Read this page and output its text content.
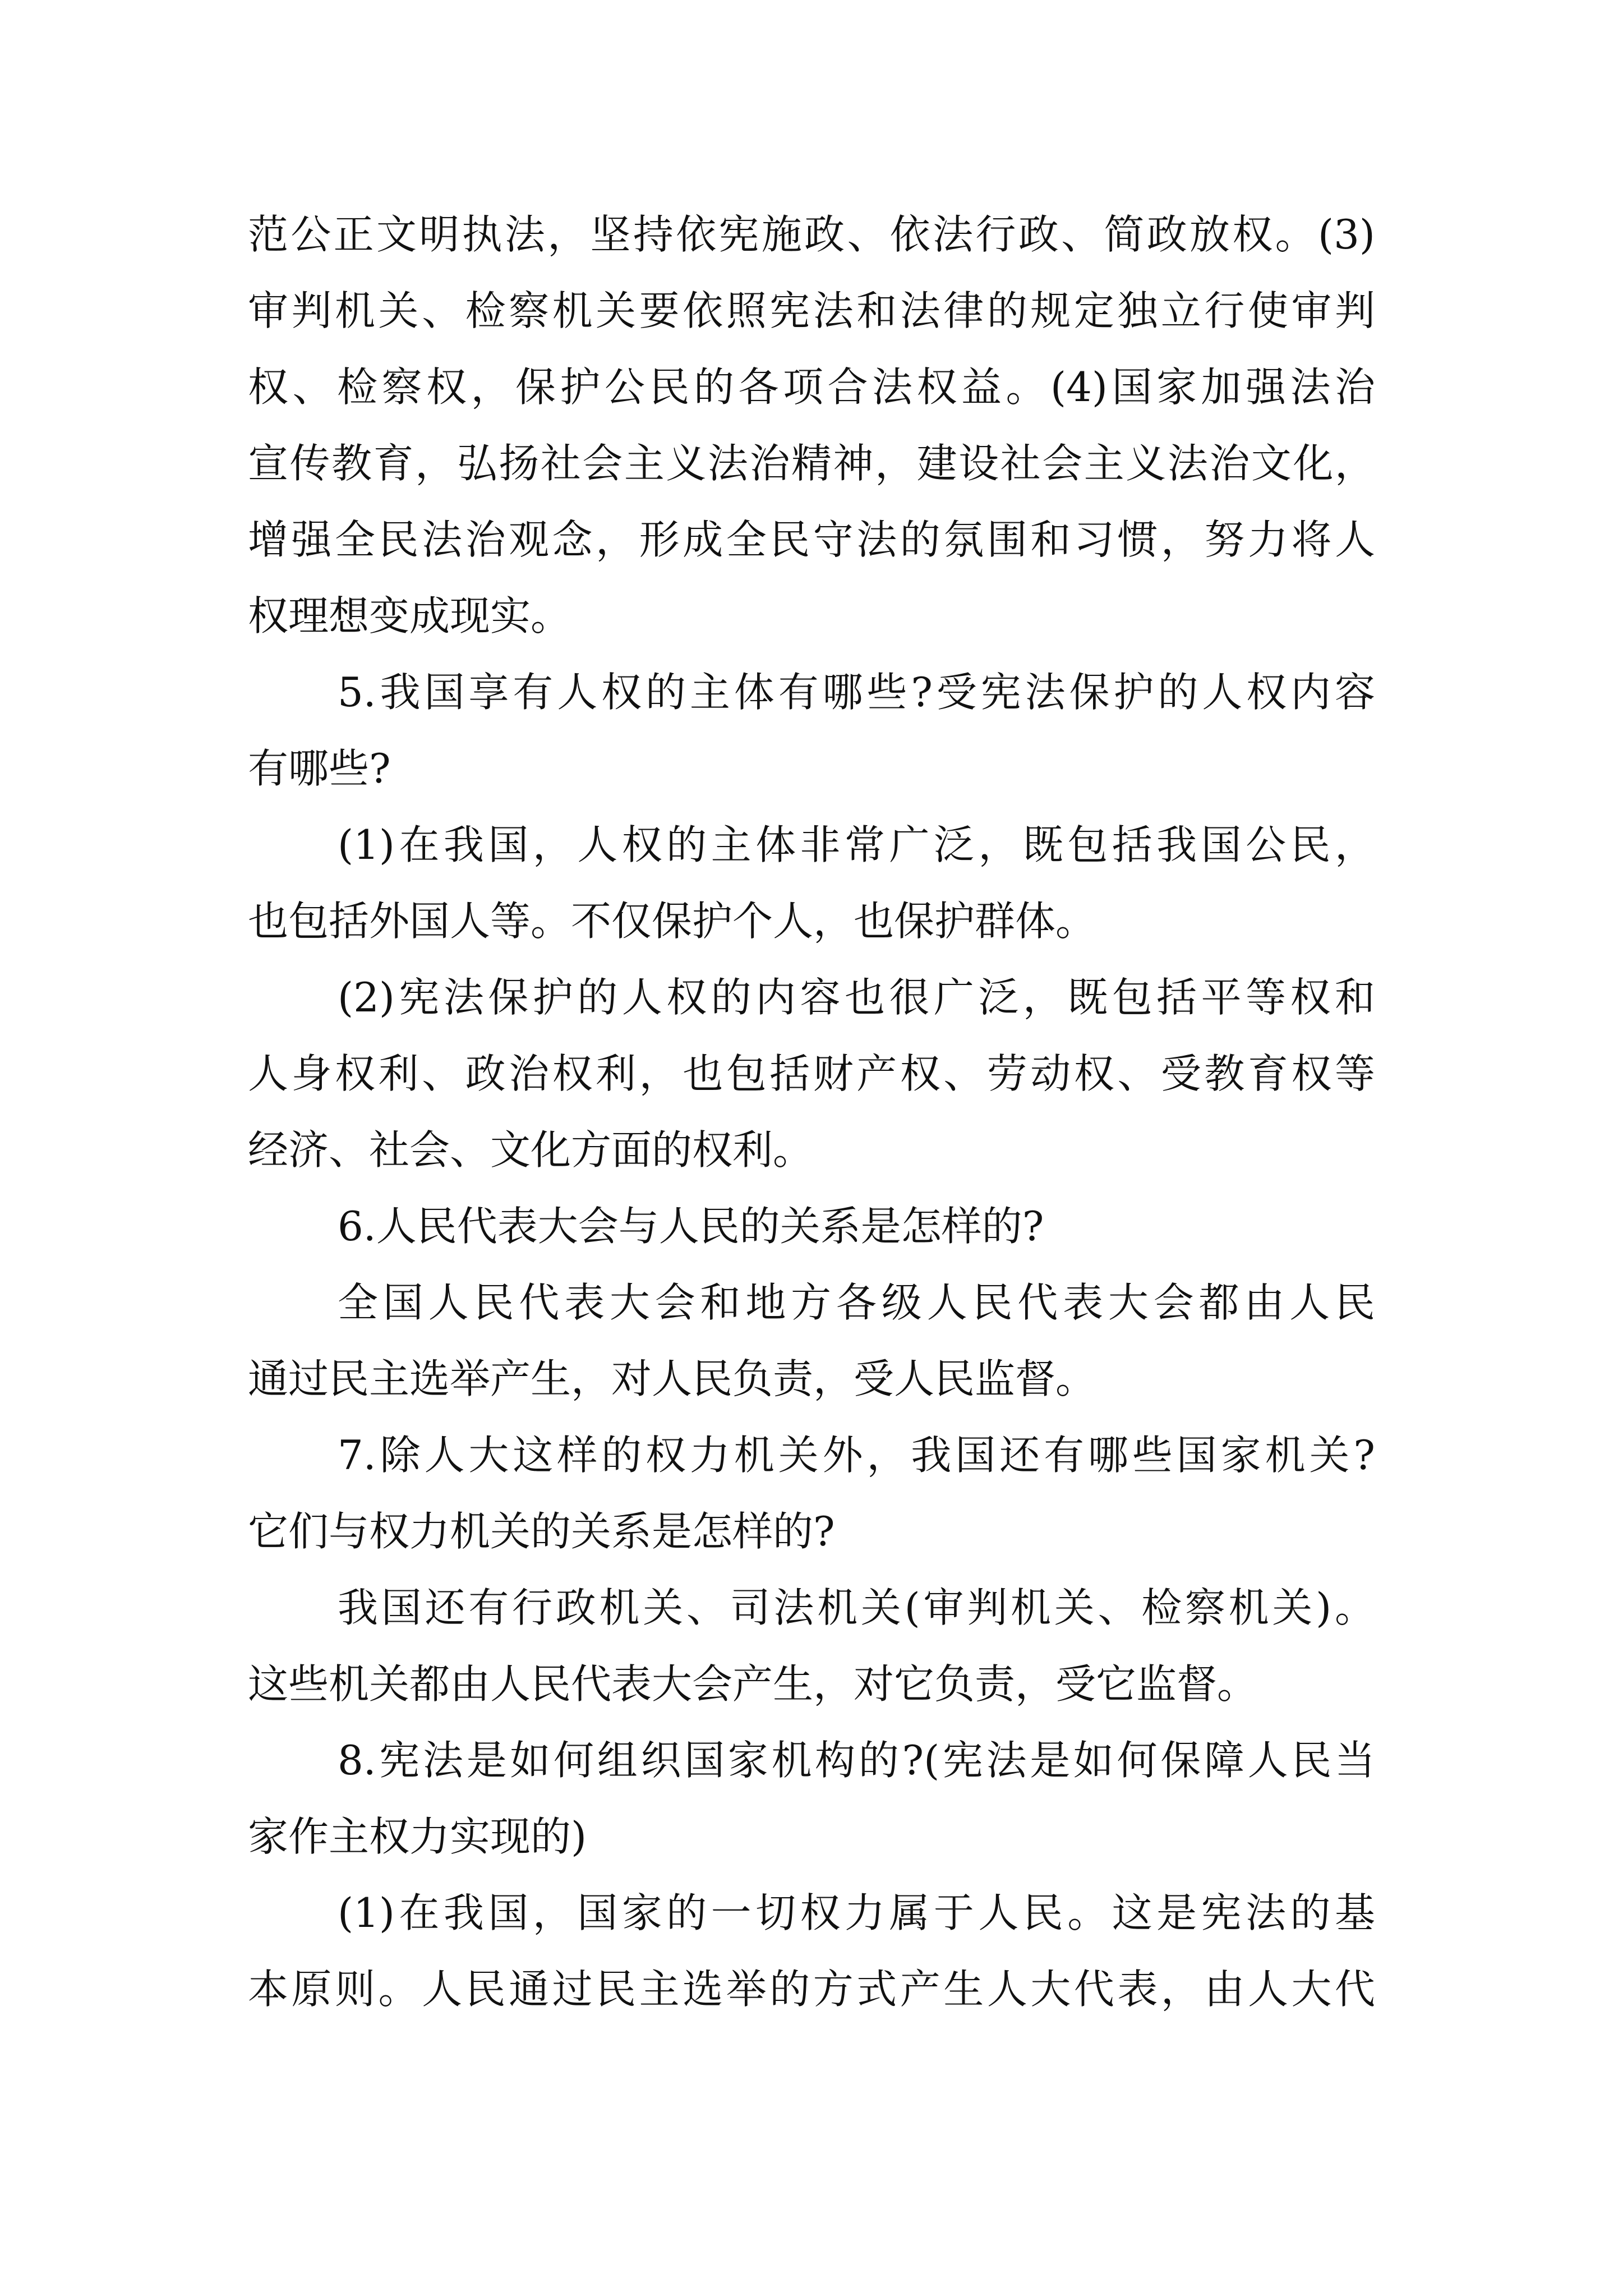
范公正文明执法，坚持依宪施政、依法行政、简政放权。(3)
审判机关、检察机关要依照宪法和法律的规定独立行使审判
权、检察权，保护公民的各项合法权益。(4)国家加强法治
宣传教育，弘扬社会主义法治精神，建设社会主义法治文化，
增强全民法治观念，形成全民守法的氛围和习惯，努力将人
权理想变成现实。
5.我国享有人权的主体有哪些?受宪法保护的人权内容
有哪些?
(1)在我国，人权的主体非常广泛，既包括我国公民，
也包括外国人等。不仅保护个人，也保护群体。
(2)宪法保护的人权的内容也很广泛，既包括平等权和
人身权利、政治权利，也包括财产权、劳动权、受教育权等
经济、社会、文化方面的权利。
6.人民代表大会与人民的关系是怎样的?
全国人民代表大会和地方各级人民代表大会都由人民
通过民主选举产生，对人民负责，受人民监督。
7.除人大这样的权力机关外，我国还有哪些国家机关?
它们与权力机关的关系是怎样的?
我国还有行政机关、司法机关(审判机关、检察机关)。
这些机关都由人民代表大会产生，对它负责，受它监督。
8.宪法是如何组织国家机构的?(宪法是如何保障人民当
家作主权力实现的)
(1)在我国，国家的一切权力属于人民。这是宪法的基
本原则。人民通过民主选举的方式产生人大代表，由人大代
